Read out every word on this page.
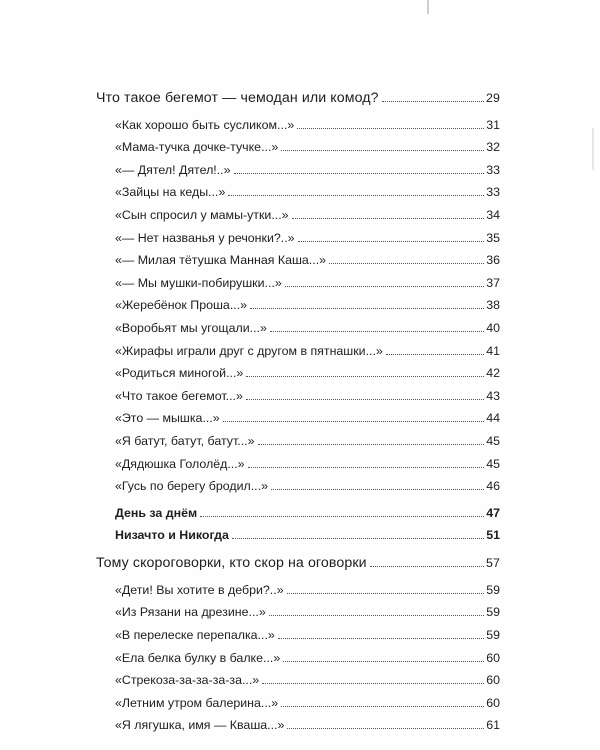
Что такое бегемот — чемодан или комод?	29
«Как хорошо быть сусликом...»	31
«Мама-тучка дочке-тучке...»	32
«— Дятел! Дятел!..»	33
«Зайцы на кеды...»	33
«Сын спросил у мамы-утки...»	34
«— Нет названья у речонки?..»	35
«— Милая тётушка Манная Каша...»	36
«— Мы мушки-побирушки...»	37
«Жеребёнок Проша...»	38
«Воробьят мы угощали...»	40
«Жирафы играли друг с другом в пятнашки...»	41
«Родиться миногой...»	42
«Что такое бегемот...»	43
«Это — мышка...»	44
«Я батут, батут, батут...»	45
«Дядюшка Гололёд...»	45
«Гусь по берегу бродил...»	46
День за днём	47
Низачто и Никогда	51
Тому скороговорки, кто скор на оговорки	57
«Дети! Вы хотите в дебри?..»	59
«Из Рязани на дрезине...»	59
«В перелеске перепалка...»	59
«Ела белка булку в балке...»	60
«Стрекоза-за-за-за-за...»	60
«Летним утром балерина...»	60
«Я лягушка, имя — Кваша...»	61
